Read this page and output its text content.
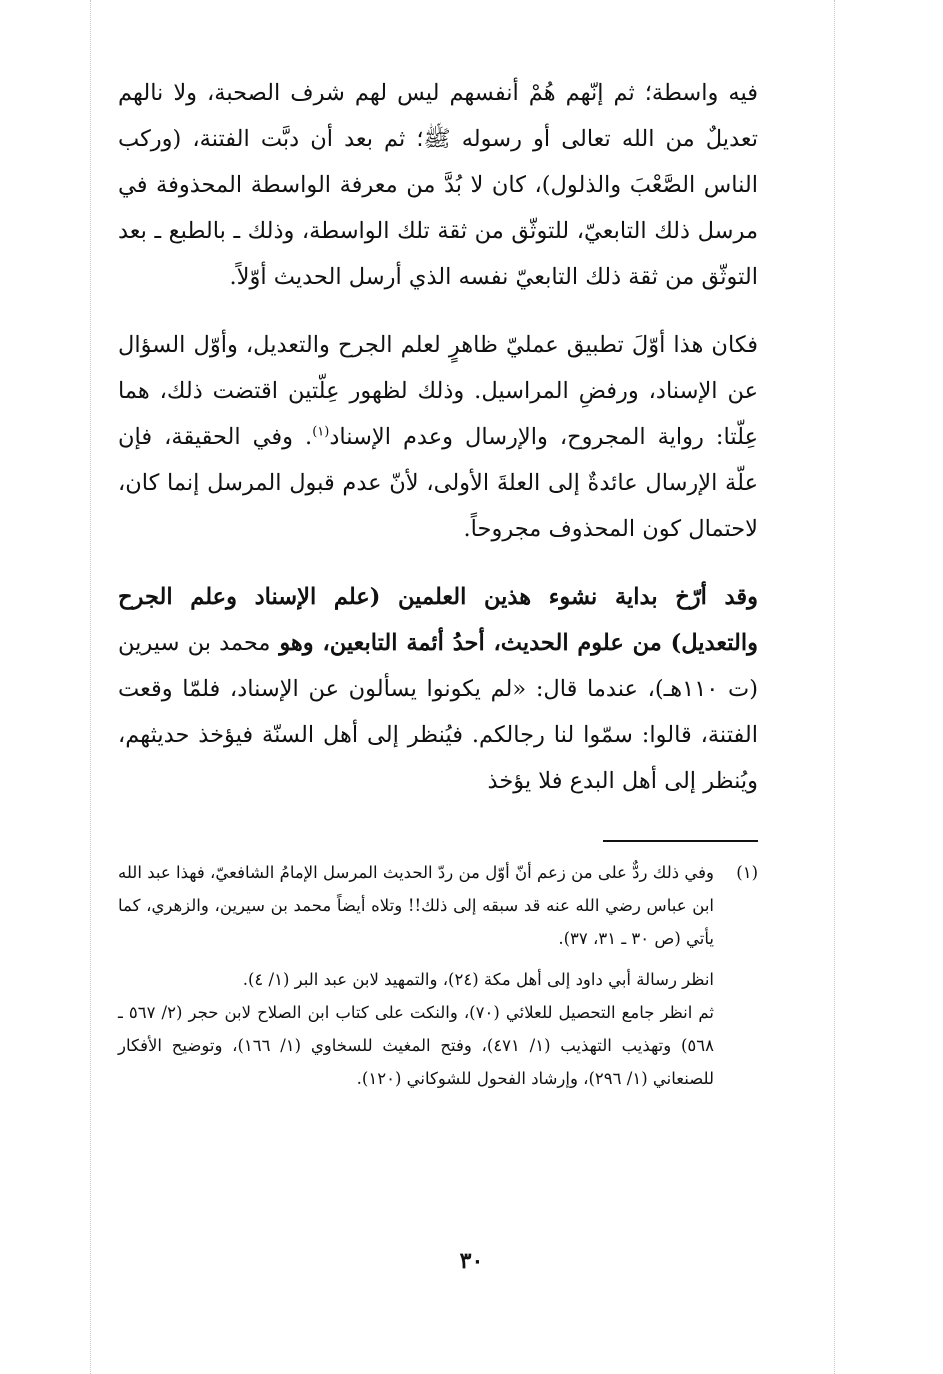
فيه واسطة؛ ثم إنّهم هُمْ أنفسهم ليس لهم شرف الصحبة، ولا نالهم تعديلٌ من الله تعالى أو رسوله ﷺ؛ ثم بعد أن دبَّت الفتنة، (وركب الناس الصَّعْبَ والذلول)، كان لا بُدَّ من معرفة الواسطة المحذوفة في مرسل ذلك التابعيّ، للتوثّق من ثقة تلك الواسطة، وذلك ـ بالطبع ـ بعد التوثّق من ثقة ذلك التابعيّ نفسه الذي أرسل الحديث أوّلاً.

فكان هذا أوّلَ تطبيق عمليّ ظاهرٍ لعلم الجرح والتعديل، وأوّل السؤال عن الإسناد، ورفضِ المراسيل. وذلك لظهور عِلّتين اقتضت ذلك، هما عِلّتا: رواية المجروح، والإرسال وعدم الإسناد$^{(١)}$. وفي الحقيقة، فإن علّة الإرسال عائدةٌ إلى العلةَ الأولى، لأنّ عدم قبول المرسل إنما كان، لاحتمال كون المحذوف مجروحاً.

وقد أرّخ بداية نشوء هذين العلمين (علم الإسناد وعلم الجرح والتعديل) من علوم الحديث، أحدُ أئمة التابعين، وهو محمد بن سيرين (ت ١١٠هـ)، عندما قال: «لم يكونوا يسألون عن الإسناد، فلمّا وقعت الفتنة، قالوا: سمّوا لنا رجالكم. فيُنظر إلى أهل السنّة فيؤخذ حديثهم، ويُنظر إلى أهل البدع فلا يؤخذ

(١)
وفي ذلك ردٌّ على من زعم أنّ أوّل من ردّ الحديث المرسل الإمامُ الشافعيّ، فهذا عبد الله ابن عباس رضي الله عنه قد سبقه إلى ذلك!! وتلاه أيضاً محمد بن سيرين، والزهري، كما يأتي (ص ٣٠ ـ ٣١، ٣٧).
انظر رسالة أبي داود إلى أهل مكة (٢٤)، والتمهيد لابن عبد البر (١/ ٤).
ثم انظر جامع التحصيل للعلائي (٧٠)، والنكت على كتاب ابن الصلاح لابن حجر (٢/ ٥٦٧ ـ ٥٦٨) وتهذيب التهذيب (١/ ٤٧١)، وفتح المغيث للسخاوي (١/ ١٦٦)، وتوضيح الأفكار للصنعاني (١/ ٢٩٦)، وإرشاد الفحول للشوكاني (١٢٠).
٣٠
